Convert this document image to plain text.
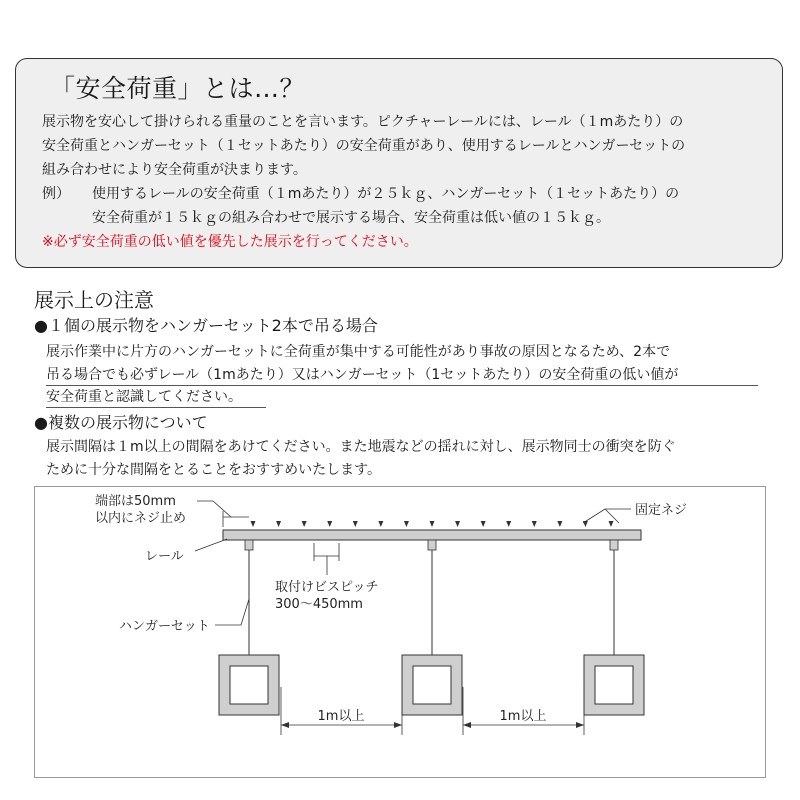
「安全荷重」とは…？

展示物を安心して掛けられる重量のことを言います。ピクチャーレールには、レール（１mあたり）の

安全荷重とハンガーセット（１セットあたり）の安全荷重があり、使用するレールとハンガーセットの

組み合わせにより安全荷重が決まります。

例） 使用するレールの安全荷重（１mあたり）が２５ｋｇ、ハンガーセット（１セットあたり）の

安全荷重が１５ｋｇの組み合わせで展示する場合、安全荷重は低い値の１５ｋｇ。

※必ず安全荷重の低い値を優先した展示を行ってください。

展示上の注意
●１個の展示物をハンガーセット2本で吊る場合

展示作業中に片方のハンガーセットに全荷重が集中する可能性があり事故の原因となるため、2本で

吊る場合でも必ずレール（1mあたり）又はハンガーセット（1セットあたり）の安全荷重の低い値が

安全荷重と認識してください。

●複数の展示物について

展示間隔は１m以上の間隔をあけてください。また地震などの揺れに対し、展示物同士の衝突を防ぐ

ために十分な間隔をとることをおすすめいたします。

端部は50mm
以内にネジ止め
固定ネジ
レール
取付けビスピッチ
300〜450mm
ハンガーセット
1m以上	1m以上
